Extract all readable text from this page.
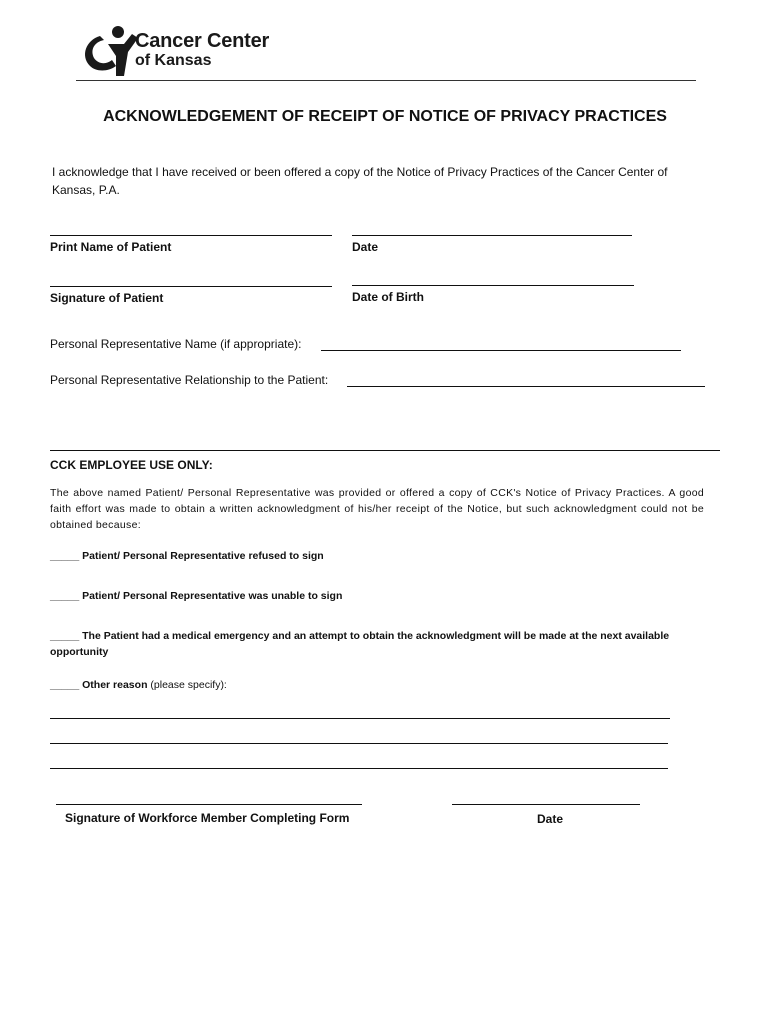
Cancer Center
of Kansas
ACKNOWLEDGEMENT OF RECEIPT OF NOTICE OF PRIVACY PRACTICES
I acknowledge that I have received or been offered a copy of the Notice of Privacy Practices of the Cancer Center of Kansas, P.A.
Print Name of Patient	Date
Signature of Patient	Date of Birth
Personal Representative Name (if appropriate):
Personal Representative Relationship to the Patient:
CCK EMPLOYEE USE ONLY:
The above named Patient/ Personal Representative was provided or offered a copy of CCK's Notice of Privacy Practices. A good faith effort was made to obtain a written acknowledgment of his/her receipt of the Notice, but such acknowledgment could not be obtained because:
_____ Patient/ Personal Representative refused to sign
_____ Patient/ Personal Representative was unable to sign
_____ The Patient had a medical emergency and an attempt to obtain the acknowledgment will be made at the next available opportunity
_____ Other reason (please specify):
Signature of Workforce Member Completing Form	Date
